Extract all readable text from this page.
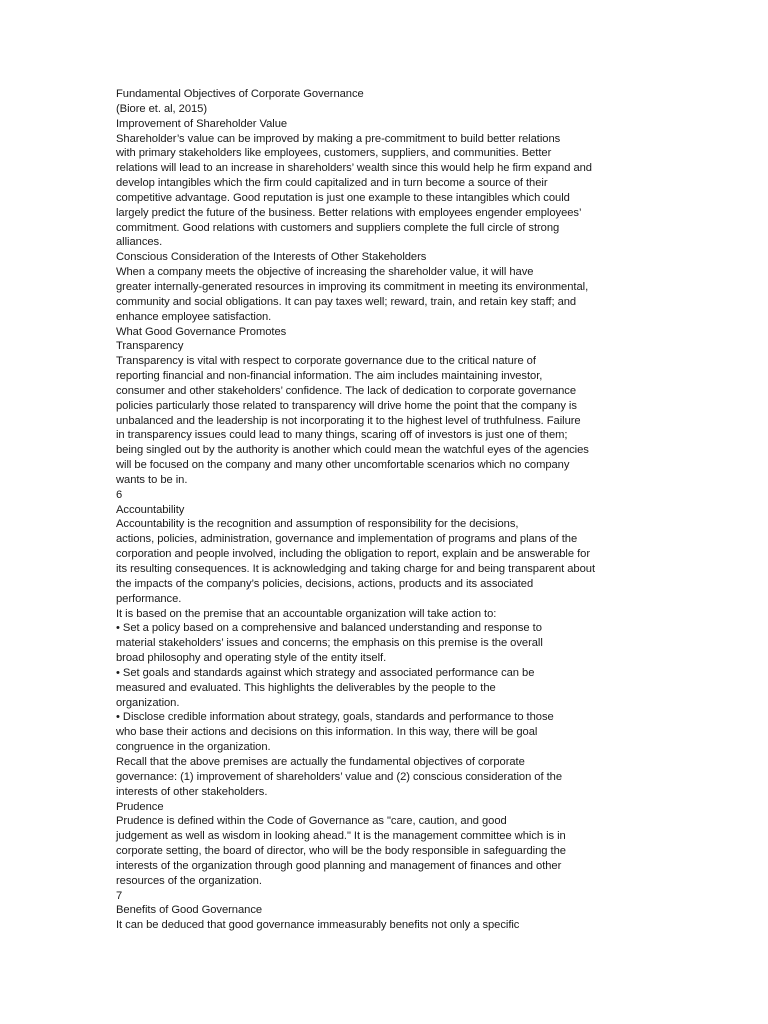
Fundamental Objectives of Corporate Governance
(Biore et. al, 2015)
Improvement of Shareholder Value
Shareholder’s value can be improved by making a pre-commitment to build better relations
with primary stakeholders like employees, customers, suppliers, and communities. Better
relations will lead to an increase in shareholders’ wealth since this would help he firm expand and
develop intangibles which the firm could capitalized and in turn become a source of their
competitive advantage. Good reputation is just one example to these intangibles which could
largely predict the future of the business. Better relations with employees engender employees’
commitment. Good relations with customers and suppliers complete the full circle of strong
alliances.
Conscious Consideration of the Interests of Other Stakeholders
When a company meets the objective of increasing the shareholder value, it will have
greater internally-generated resources in improving its commitment in meeting its environmental,
community and social obligations. It can pay taxes well; reward, train, and retain key staff; and
enhance employee satisfaction.
What Good Governance Promotes
Transparency
Transparency is vital with respect to corporate governance due to the critical nature of
reporting financial and non-financial information. The aim includes maintaining investor,
consumer and other stakeholders’ confidence. The lack of dedication to corporate governance
policies particularly those related to transparency will drive home the point that the company is
unbalanced and the leadership is not incorporating it to the highest level of truthfulness. Failure
in transparency issues could lead to many things, scaring off of investors is just one of them;
being singled out by the authority is another which could mean the watchful eyes of the agencies
will be focused on the company and many other uncomfortable scenarios which no company
wants to be in.
6
Accountability
Accountability is the recognition and assumption of responsibility for the decisions,
actions, policies, administration, governance and implementation of programs and plans of the
corporation and people involved, including the obligation to report, explain and be answerable for
its resulting consequences. It is acknowledging and taking charge for and being transparent about
the impacts of the company’s policies, decisions, actions, products and its associated
performance.
It is based on the premise that an accountable organization will take action to:
• Set a policy based on a comprehensive and balanced understanding and response to
material stakeholders’ issues and concerns; the emphasis on this premise is the overall
broad philosophy and operating style of the entity itself.
• Set goals and standards against which strategy and associated performance can be
measured and evaluated. This highlights the deliverables by the people to the
organization.
• Disclose credible information about strategy, goals, standards and performance to those
who base their actions and decisions on this information. In this way, there will be goal
congruence in the organization.
Recall that the above premises are actually the fundamental objectives of corporate
governance: (1) improvement of shareholders’ value and (2) conscious consideration of the
interests of other stakeholders.
Prudence
Prudence is defined within the Code of Governance as "care, caution, and good
judgement as well as wisdom in looking ahead." It is the management committee which is in
corporate setting, the board of director, who will be the body responsible in safeguarding the
interests of the organization through good planning and management of finances and other
resources of the organization.
7
Benefits of Good Governance
It can be deduced that good governance immeasurably benefits not only a specific
